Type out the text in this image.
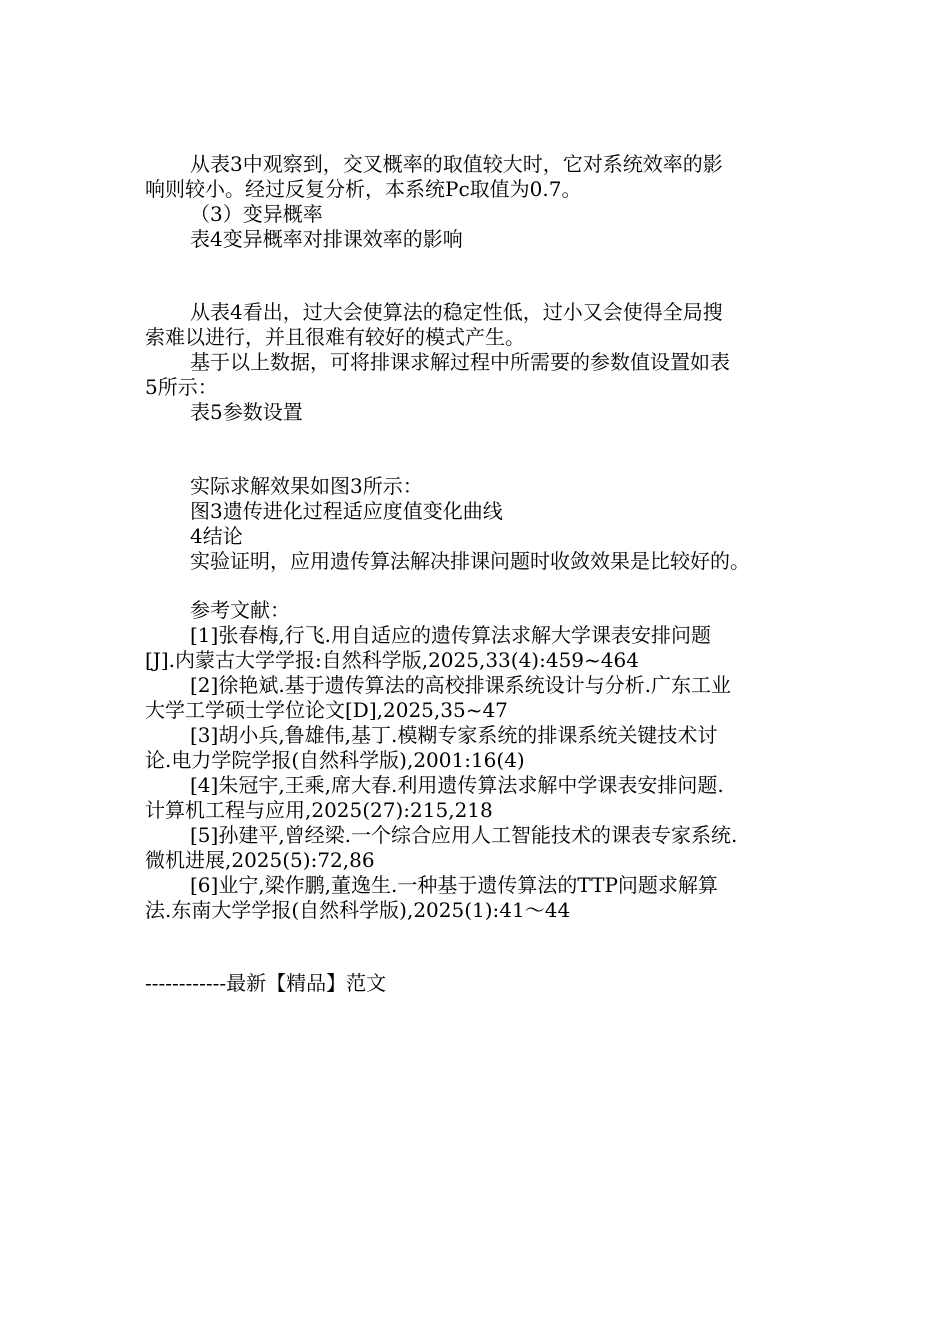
从表3中观察到，交叉概率的取值较大时，它对系统效率的影

响则较小。经过反复分析，本系统Pc取值为0.7。

（3）变异概率

表4变异概率对排课效率的影响

从表4看出，过大会使算法的稳定性低，过小又会使得全局搜

索难以进行，并且很难有较好的模式产生。

基于以上数据，可将排课求解过程中所需要的参数值设置如表

5所示：

表5参数设置

实际求解效果如图3所示：

图3遗传进化过程适应度值变化曲线

4结论

实验证明，应用遗传算法解决排课问题时收敛效果是比较好的。

参考文献：

[1]张春梅,行飞.用自适应的遗传算法求解大学课表安排问题

[J].内蒙古大学学报:自然科学版,2025,33(4):459~464

[2]徐艳斌.基于遗传算法的高校排课系统设计与分析.广东工业

大学工学硕士学位论文[D],2025,35~47

[3]胡小兵,鲁雄伟,基丁.模糊专家系统的排课系统关键技术讨

论.电力学院学报(自然科学版),2001:16(4)

[4]朱冠宇,王乘,席大春.利用遗传算法求解中学课表安排问题.

计算机工程与应用,2025(27):215,218

[5]孙建平,曾经梁.一个综合应用人工智能技术的课表专家系统.

微机进展,2025(5):72,86

[6]业宁,梁作鹏,董逸生.一种基于遗传算法的TTP问题求解算

法.东南大学学报(自然科学版),2025(1):41～44

------------最新【精品】范文
